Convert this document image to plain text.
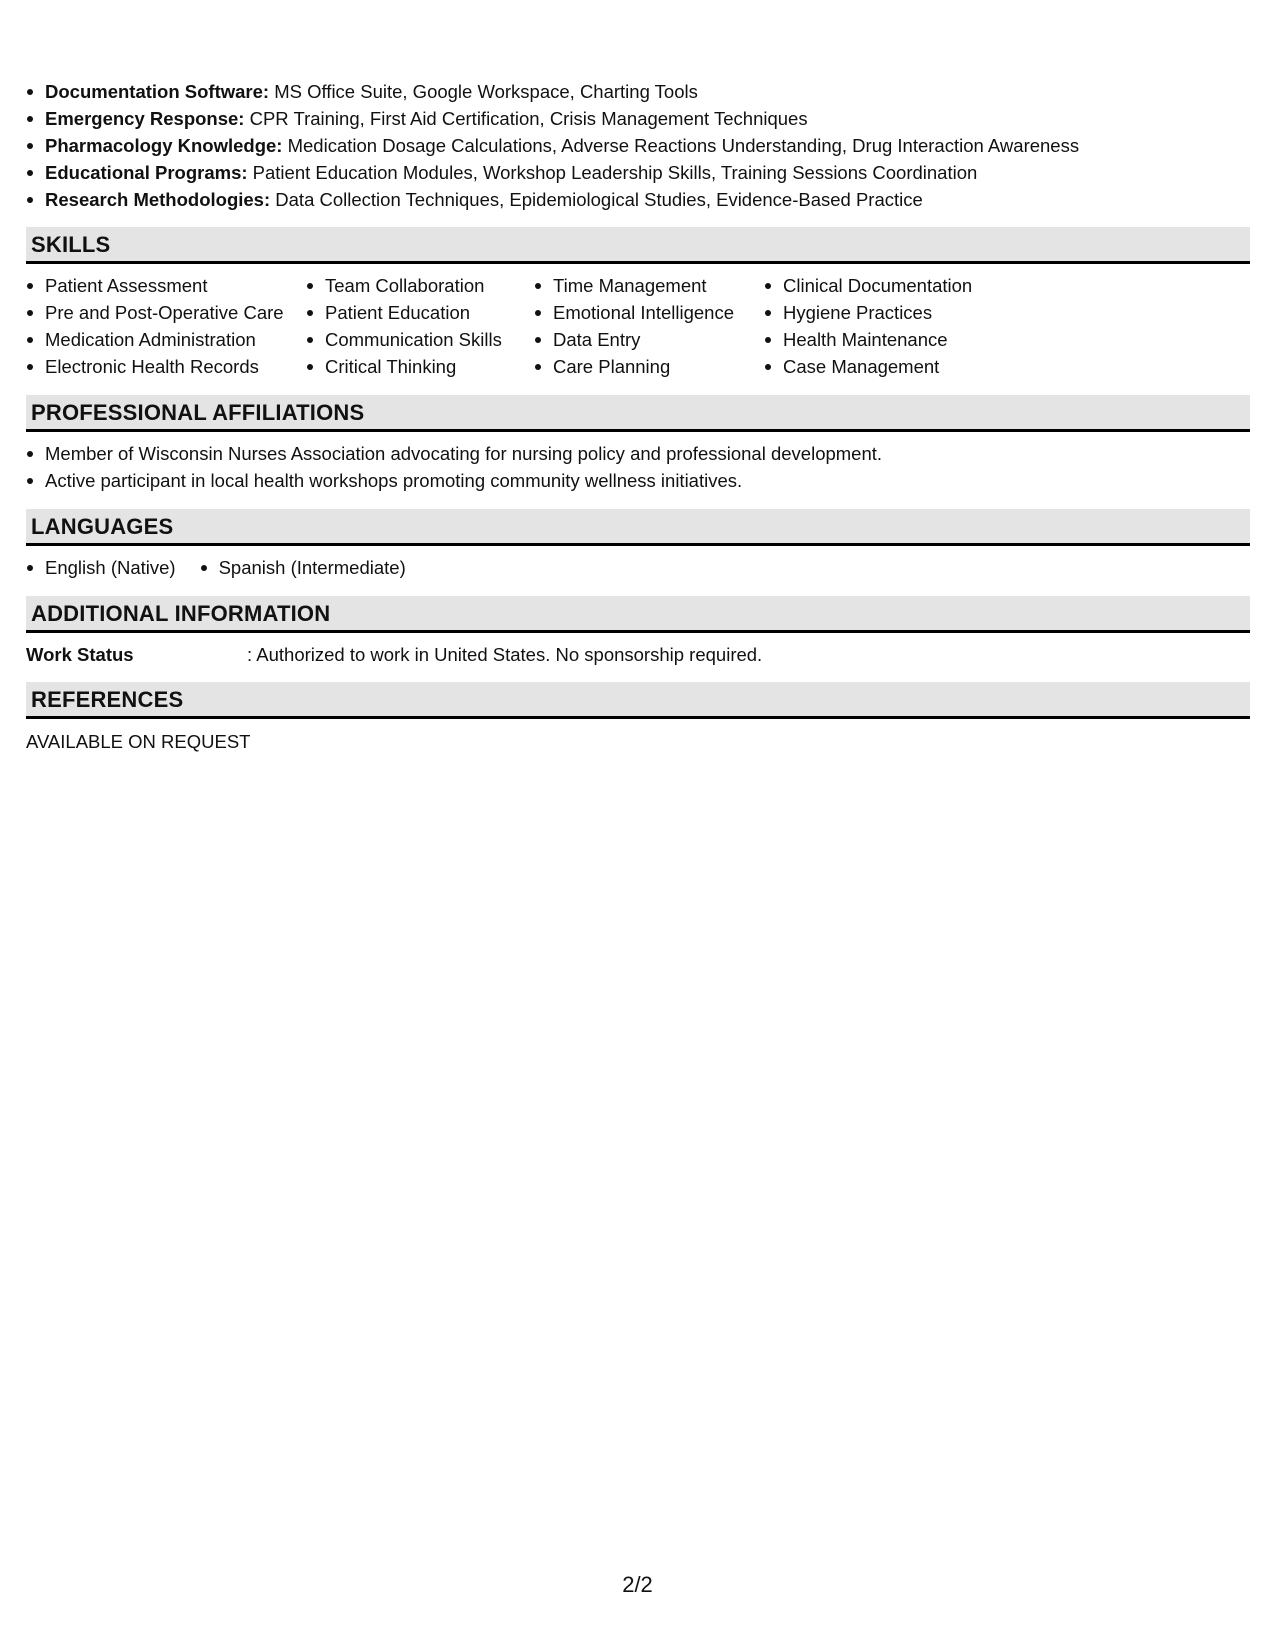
Documentation Software: MS Office Suite, Google Workspace, Charting Tools
Emergency Response: CPR Training, First Aid Certification, Crisis Management Techniques
Pharmacology Knowledge: Medication Dosage Calculations, Adverse Reactions Understanding, Drug Interaction Awareness
Educational Programs: Patient Education Modules, Workshop Leadership Skills, Training Sessions Coordination
Research Methodologies: Data Collection Techniques, Epidemiological Studies, Evidence-Based Practice
SKILLS
Patient Assessment
Pre and Post-Operative Care
Medication Administration
Electronic Health Records
Team Collaboration
Patient Education
Communication Skills
Critical Thinking
Time Management
Emotional Intelligence
Data Entry
Care Planning
Clinical Documentation
Hygiene Practices
Health Maintenance
Case Management
PROFESSIONAL AFFILIATIONS
Member of Wisconsin Nurses Association advocating for nursing policy and professional development.
Active participant in local health workshops promoting community wellness initiatives.
LANGUAGES
English (Native)	Spanish (Intermediate)
ADDITIONAL INFORMATION
Work Status	: Authorized to work in United States. No sponsorship required.
REFERENCES
AVAILABLE ON REQUEST
2/2
